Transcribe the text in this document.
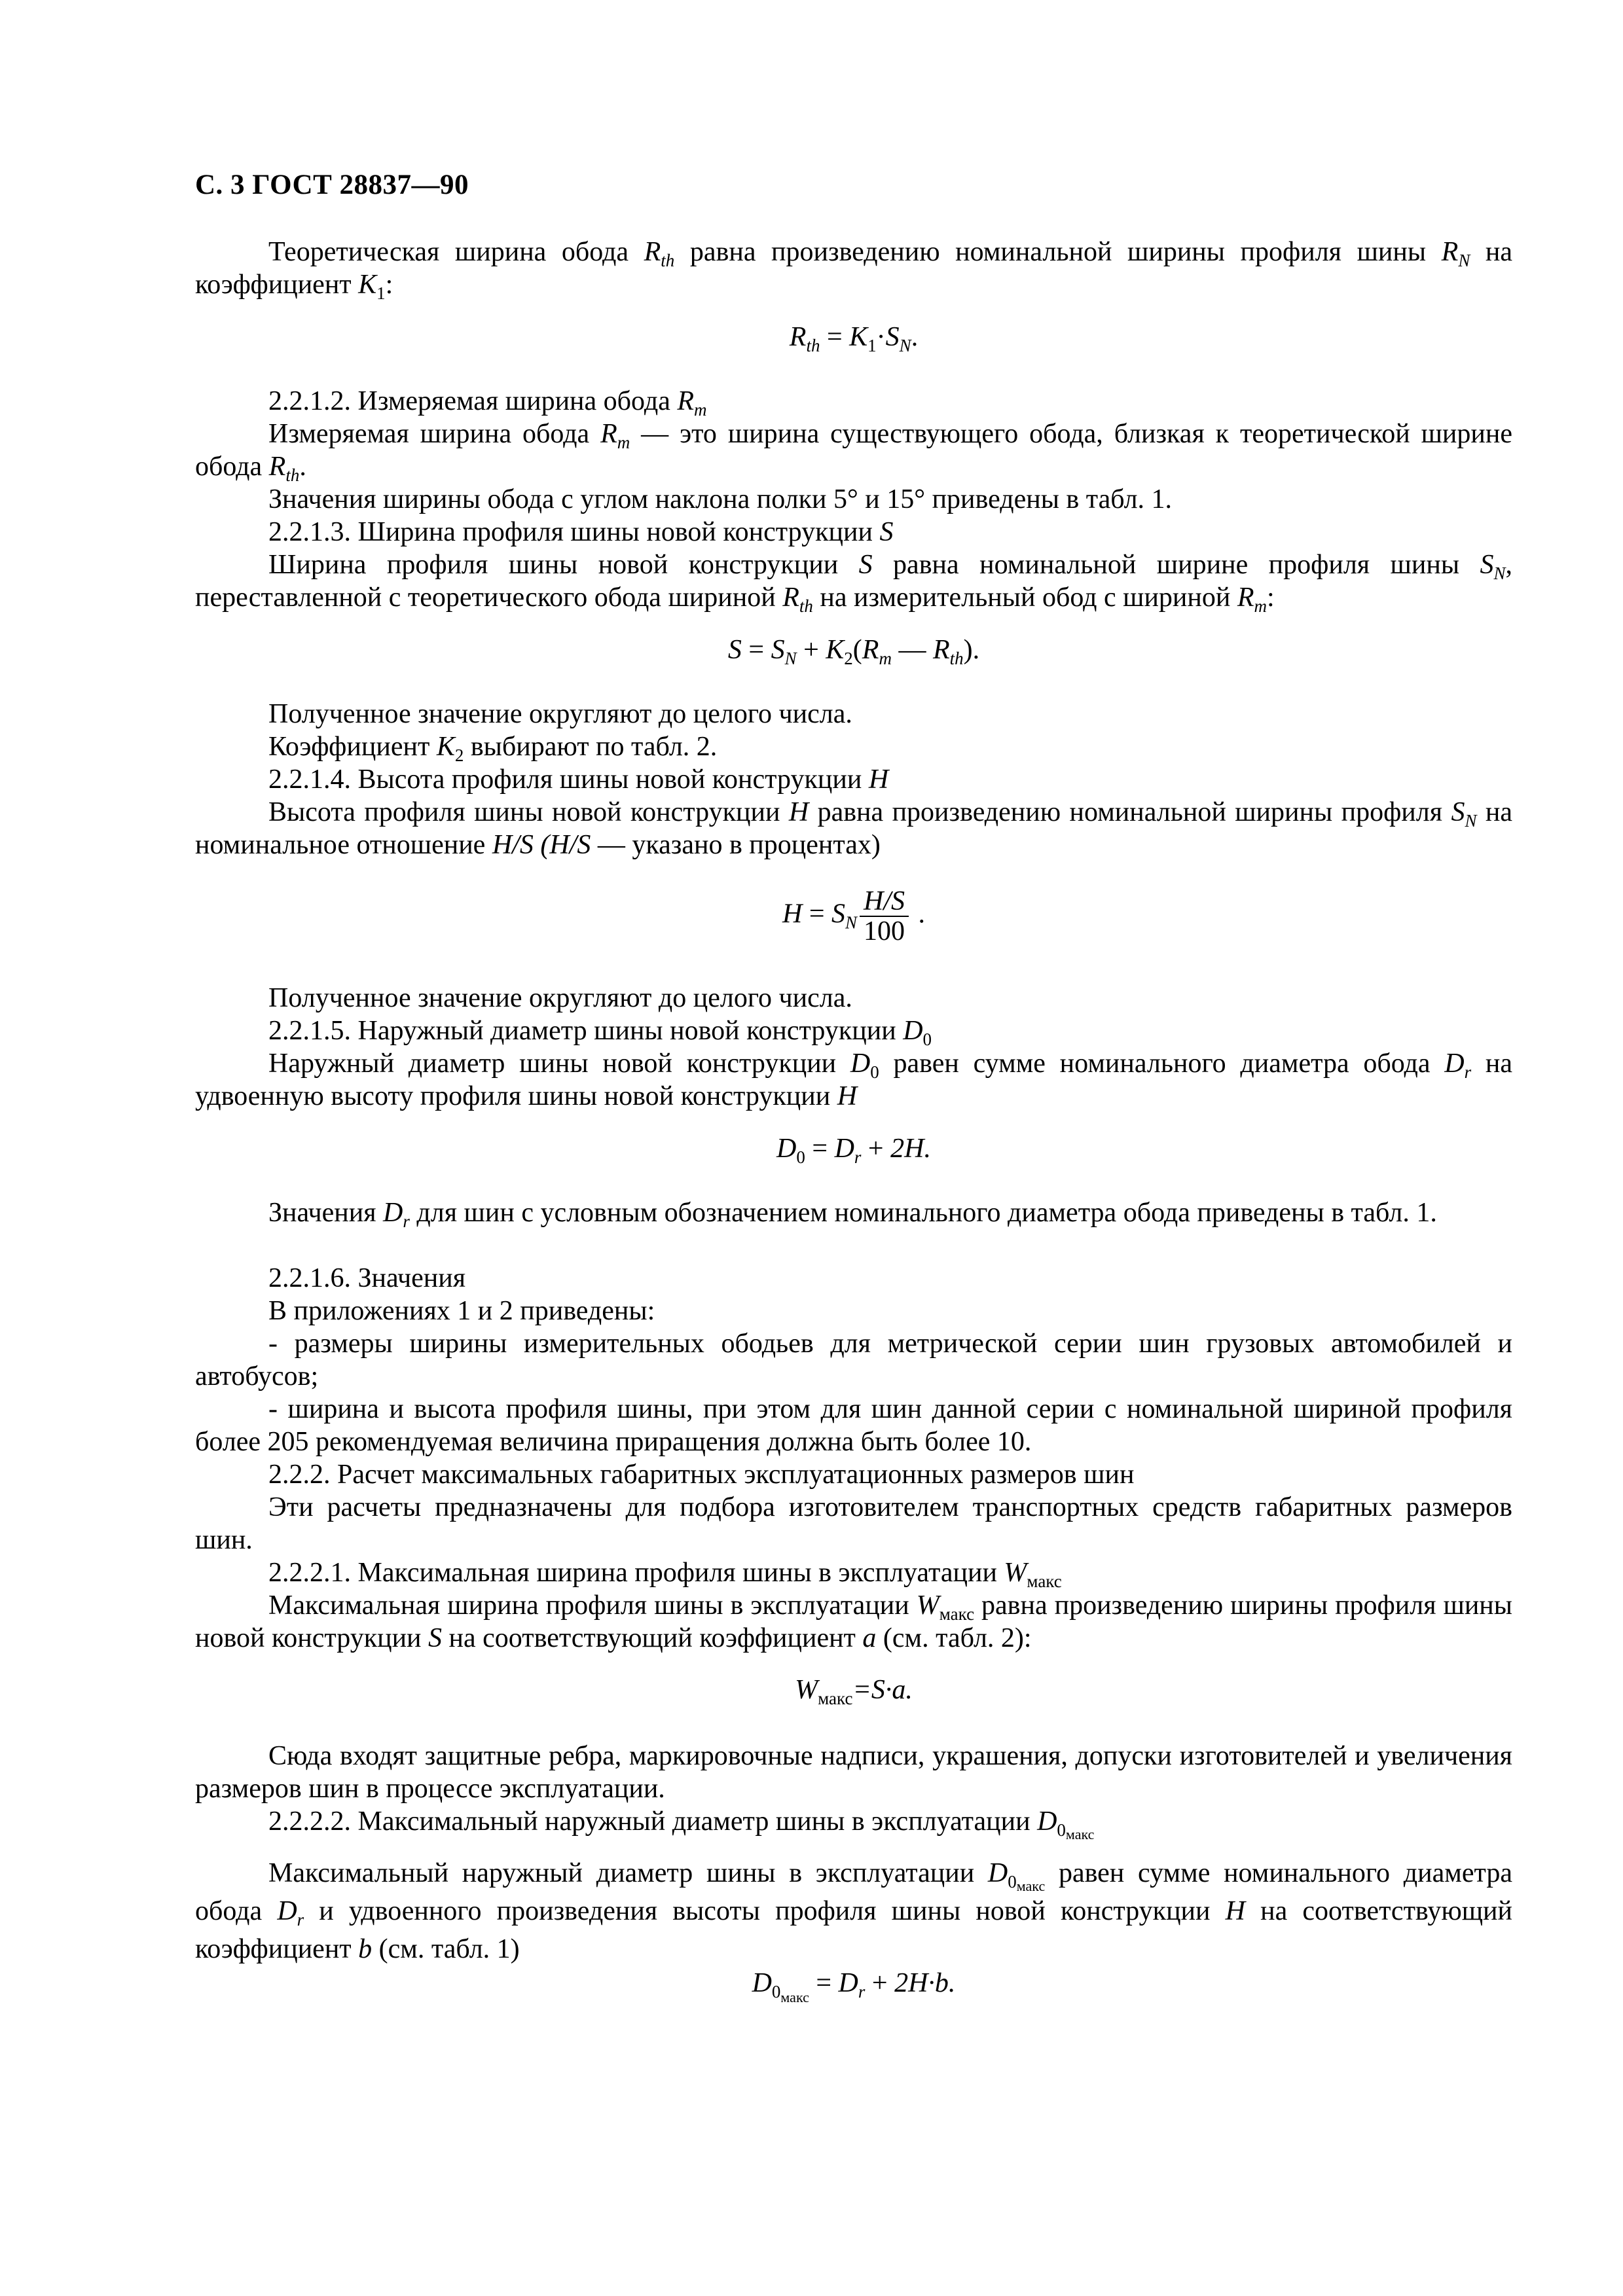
С. 3 ГОСТ 28837—90
Теоретическая ширина обода $R_{th}$ равна произведению номинальной ширины профиля шины $R_N$ на коэффициент $K_1$:
$R_{th} = K_1\cdot S_N$.
2.2.1.2. Измеряемая ширина обода $R_m$
Измеряемая ширина обода $R_m$ — это ширина существующего обода, близкая к теоретической ширине обода $R_{th}$.
Значения ширины обода с углом наклона полки 5° и 15° приведены в табл. 1.
2.2.1.3. Ширина профиля шины новой конструкции S
Ширина профиля шины новой конструкции S равна номинальной ширине профиля шины $S_N$, переставленной с теоретического обода шириной $R_{th}$ на измерительный обод с шириной $R_m$:
$S = S_N + K_2(R_m$ — $R_{th}$).
Полученное значение округляют до целого числа.
Коэффициент $K_2$ выбирают по табл. 2.
2.2.1.4. Высота профиля шины новой конструкции H
Высота профиля шины новой конструкции H равна произведению номинальной ширины профиля $S_N$ на номинальное отношение H/S (H/S — указано в процентах)
$H = S_N \frac{H/S}{100}$ .
Полученное значение округляют до целого числа.
2.2.1.5. Наружный диаметр шины новой конструкции $D_0$
Наружный диаметр шины новой конструкции $D_0$ равен сумме номинального диаметра обода $D_r$ на удвоенную высоту профиля шины новой конструкции H
$D_0 = D_r + 2H$.
Значения $D_r$ для шин с условным обозначением номинального диаметра обода приведены в табл. 1.
2.2.1.6. Значения
В приложениях 1 и 2 приведены:
- размеры ширины измерительных ободьев для метрической серии шин грузовых автомобилей и автобусов;
- ширина и высота профиля шины, при этом для шин данной серии с номинальной шириной профиля более 205 рекомендуемая величина приращения должна быть более 10.
2.2.2. Расчет максимальных габаритных эксплуатационных размеров шин
Эти расчеты предназначены для подбора изготовителем транспортных средств габаритных размеров шин.
2.2.2.1. Максимальная ширина профиля шины в эксплуатации $W_{макс}$
Максимальная ширина профиля шины в эксплуатации $W_{макс}$ равна произведению ширины профиля шины новой конструкции S на соответствующий коэффициент a (см. табл. 2):
$W_{макс}=S\cdot a$.
Сюда входят защитные ребра, маркировочные надписи, украшения, допуски изготовителей и увеличения размеров шин в процессе эксплуатации.
2.2.2.2. Максимальный наружный диаметр шины в эксплуатации $D_{0макс}$
Максимальный наружный диаметр шины в эксплуатации $D_{0макс}$ равен сумме номинального диаметра обода $D_r$ и удвоенного произведения высоты профиля шины новой конструкции H на соответствующий коэффициент b (см. табл. 1)
$D_{0макс} = D_r + 2H\cdot b$.
